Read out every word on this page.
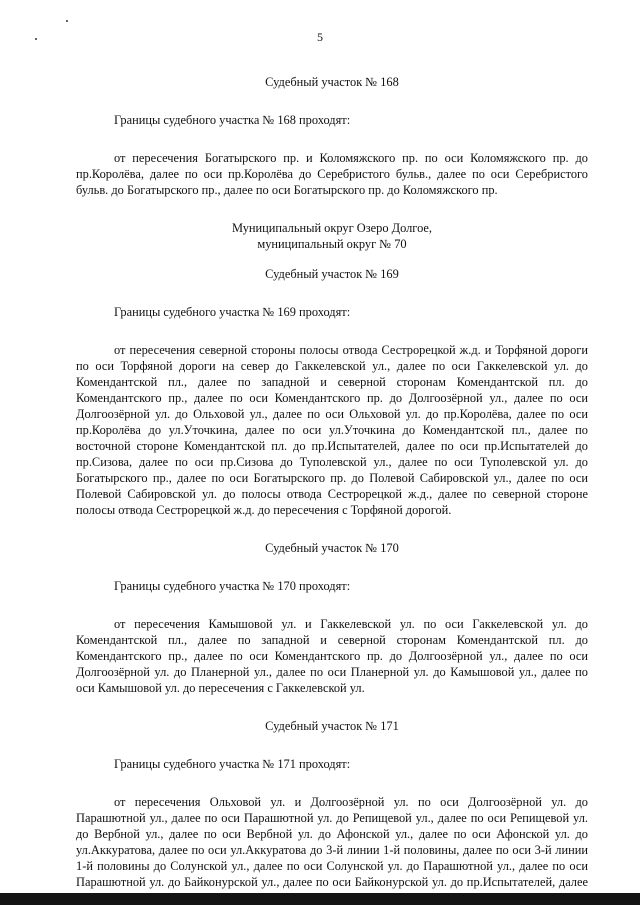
5

Судебный участок № 168

Границы судебного участка № 168 проходят:

от пересечения Богатырского пр. и Коломяжского пр. по оси Коломяжского пр. до пр.Королёва, далее по оси пр.Королёва до Серебристого бульв., далее по оси Серебристого бульв. до Богатырского пр., далее по оси Богатырского пр. до Коломяжского пр.

Муниципальный округ Озеро Долгое,

муниципальный округ № 70

Судебный участок № 169

Границы судебного участка № 169 проходят:

от пересечения северной стороны полосы отвода Сестрорецкой ж.д. и Торфяной дороги по оси Торфяной дороги на север до Гаккелевской ул., далее по оси Гаккелевской ул. до Комендантской пл., далее по западной и северной сторонам Комендантской пл. до Комендантского пр., далее по оси Комендантского пр. до Долгоозёрной ул., далее по оси Долгоозёрной ул. до Ольховой ул., далее по оси Ольховой ул. до пр.Королёва, далее по оси пр.Королёва до ул.Уточкина, далее по оси ул.Уточкина до Комендантской пл., далее по восточной стороне Комендантской пл. до пр.Испытателей, далее по оси пр.Испытателей до пр.Сизова, далее по оси пр.Сизова до Туполевской ул., далее по оси Туполевской ул. до Богатырского пр., далее по оси Богатырского пр. до Полевой Сабировской ул., далее по оси Полевой Сабировской ул. до полосы отвода Сестрорецкой ж.д., далее по северной стороне полосы отвода Сестрорецкой ж.д. до пересечения с Торфяной дорогой.

Судебный участок № 170

Границы судебного участка № 170 проходят:

от пересечения Камышовой ул. и Гаккелевской ул. по оси Гаккелевской ул. до Комендантской пл., далее по западной и северной сторонам Комендантской пл. до Комендантского пр., далее по оси Комендантского пр. до Долгоозёрной ул., далее по оси Долгоозёрной ул. до Планерной ул., далее по оси Планерной ул. до Камышовой ул., далее по оси Камышовой ул. до пересечения с Гаккелевской ул.

Судебный участок № 171

Границы судебного участка № 171 проходят:

от пересечения Ольховой ул. и Долгоозёрной ул. по оси Долгоозёрной ул. до Парашютной ул., далее по оси Парашютной ул. до Репищевой ул., далее по оси Репищевой ул. до Вербной ул., далее по оси Вербной ул. до Афонской ул., далее по оси Афонской ул. до ул.Аккуратова, далее по оси ул.Аккуратова до 3-й линии 1-й половины, далее по оси 3-й линии 1-й половины до Солунской ул., далее по оси Солунской ул. до Парашютной ул., далее по оси Парашютной ул. до Байконурской ул., далее по оси Байконурской ул. до пр.Испытателей, далее
